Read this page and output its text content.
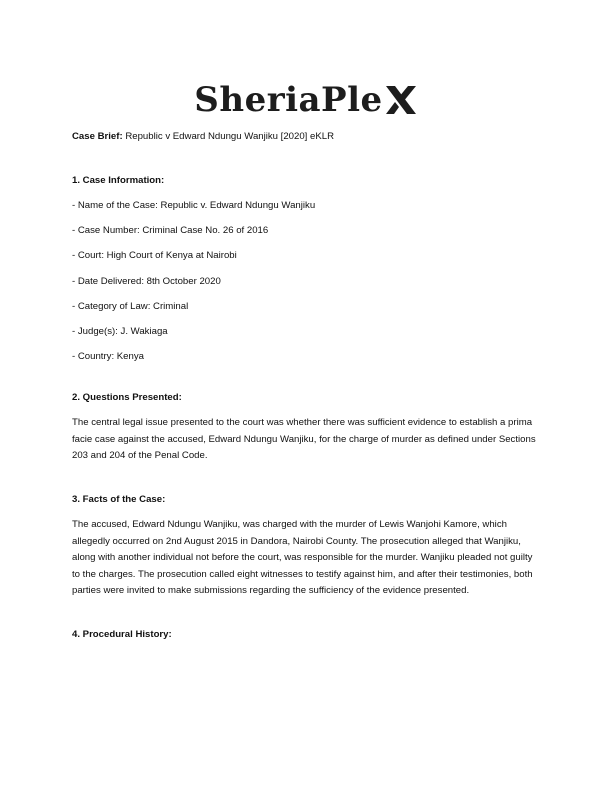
SheriaPle

Case Brief: Republic v Edward Ndungu Wanjiku [2020] eKLR

1. Case Information:
- Name of the Case: Republic v. Edward Ndungu Wanjiku
- Case Number: Criminal Case No. 26 of 2016
- Court: High Court of Kenya at Nairobi
- Date Delivered: 8th October 2020
- Category of Law: Criminal
- Judge(s): J. Wakiaga
- Country: Kenya
2. Questions Presented:

The central legal issue presented to the court was whether there was sufficient evidence to establish a prima facie case against the accused, Edward Ndungu Wanjiku, for the charge of murder as defined under Sections 203 and 204 of the Penal Code.

3. Facts of the Case:

The accused, Edward Ndungu Wanjiku, was charged with the murder of Lewis Wanjohi Kamore, which allegedly occurred on 2nd August 2015 in Dandora, Nairobi County. The prosecution alleged that Wanjiku, along with another individual not before the court, was responsible for the murder. Wanjiku pleaded not guilty to the charges. The prosecution called eight witnesses to testify against him, and after their testimonies, both parties were invited to make submissions regarding the sufficiency of the evidence presented.

4. Procedural History:
